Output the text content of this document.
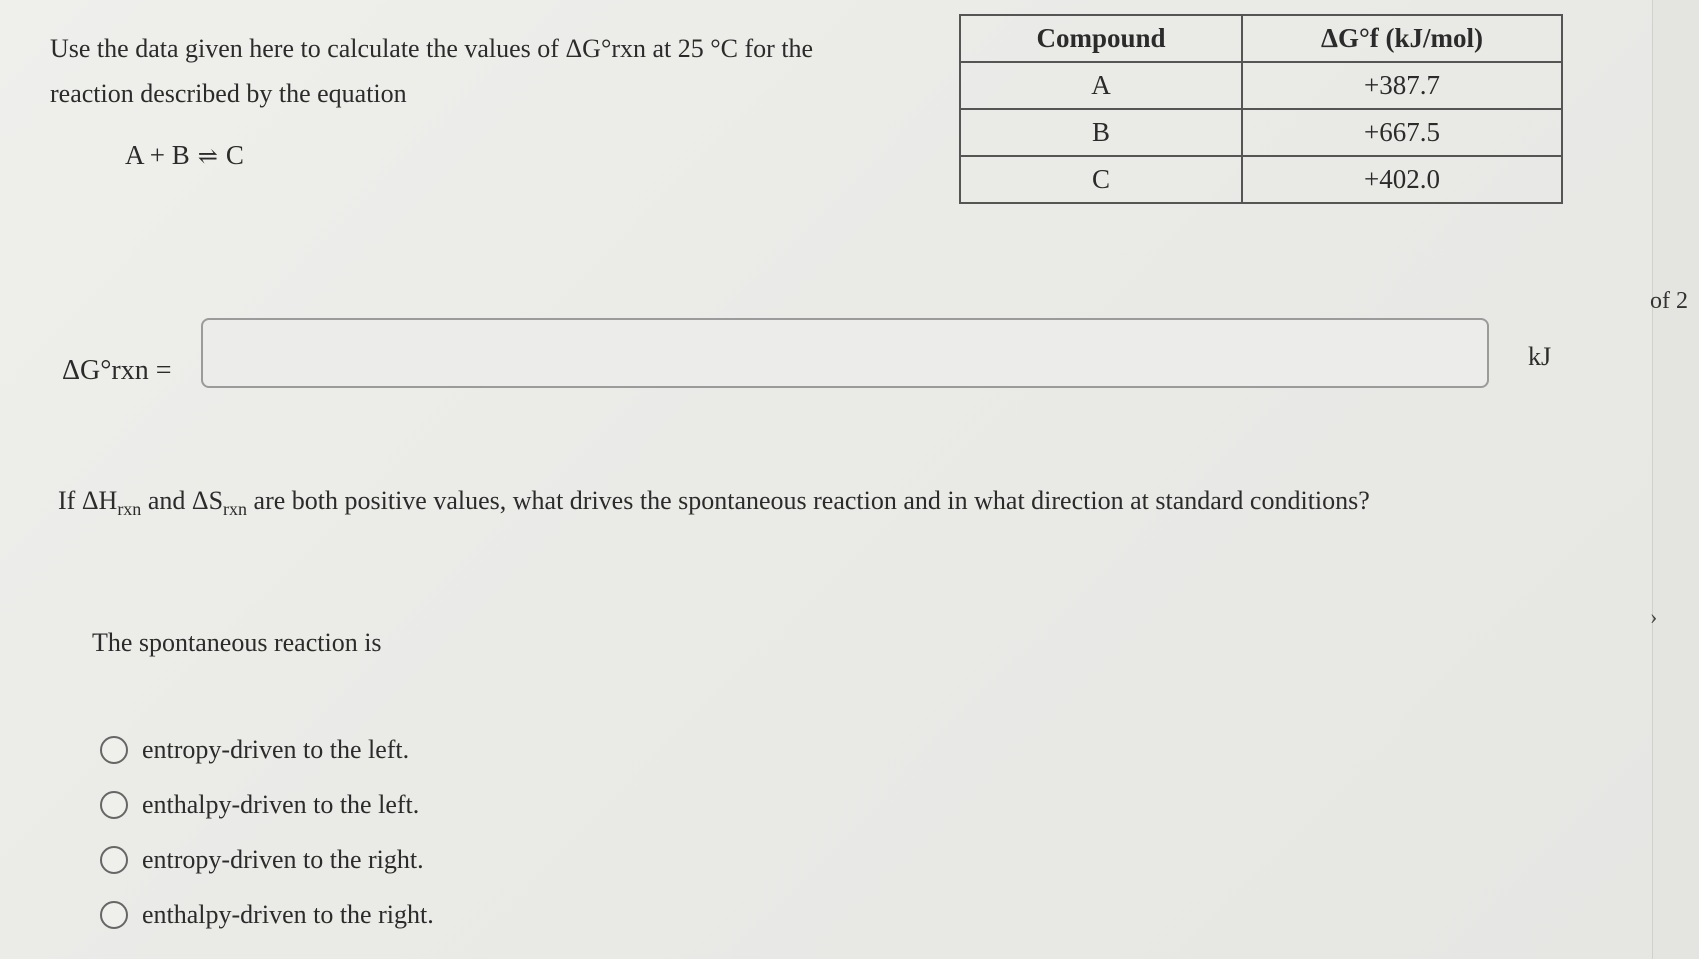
Use the data given here to calculate the values of ΔG°rxn at 25 °C for the
reaction described by the equation
A + B ⇌ C
Compound	ΔG°f (kJ/mol)
A	+387.7
B	+667.5
C	+402.0
ΔG°rxn =	kJ
If $\Delta H_{rxn}$ and $\Delta S_{rxn}$ are both positive values, what drives the spontaneous reaction and in what direction at standard conditions?
The spontaneous reaction is
entropy-driven to the left.
enthalpy-driven to the left.
entropy-driven to the right.
enthalpy-driven to the right.
of 2
›
